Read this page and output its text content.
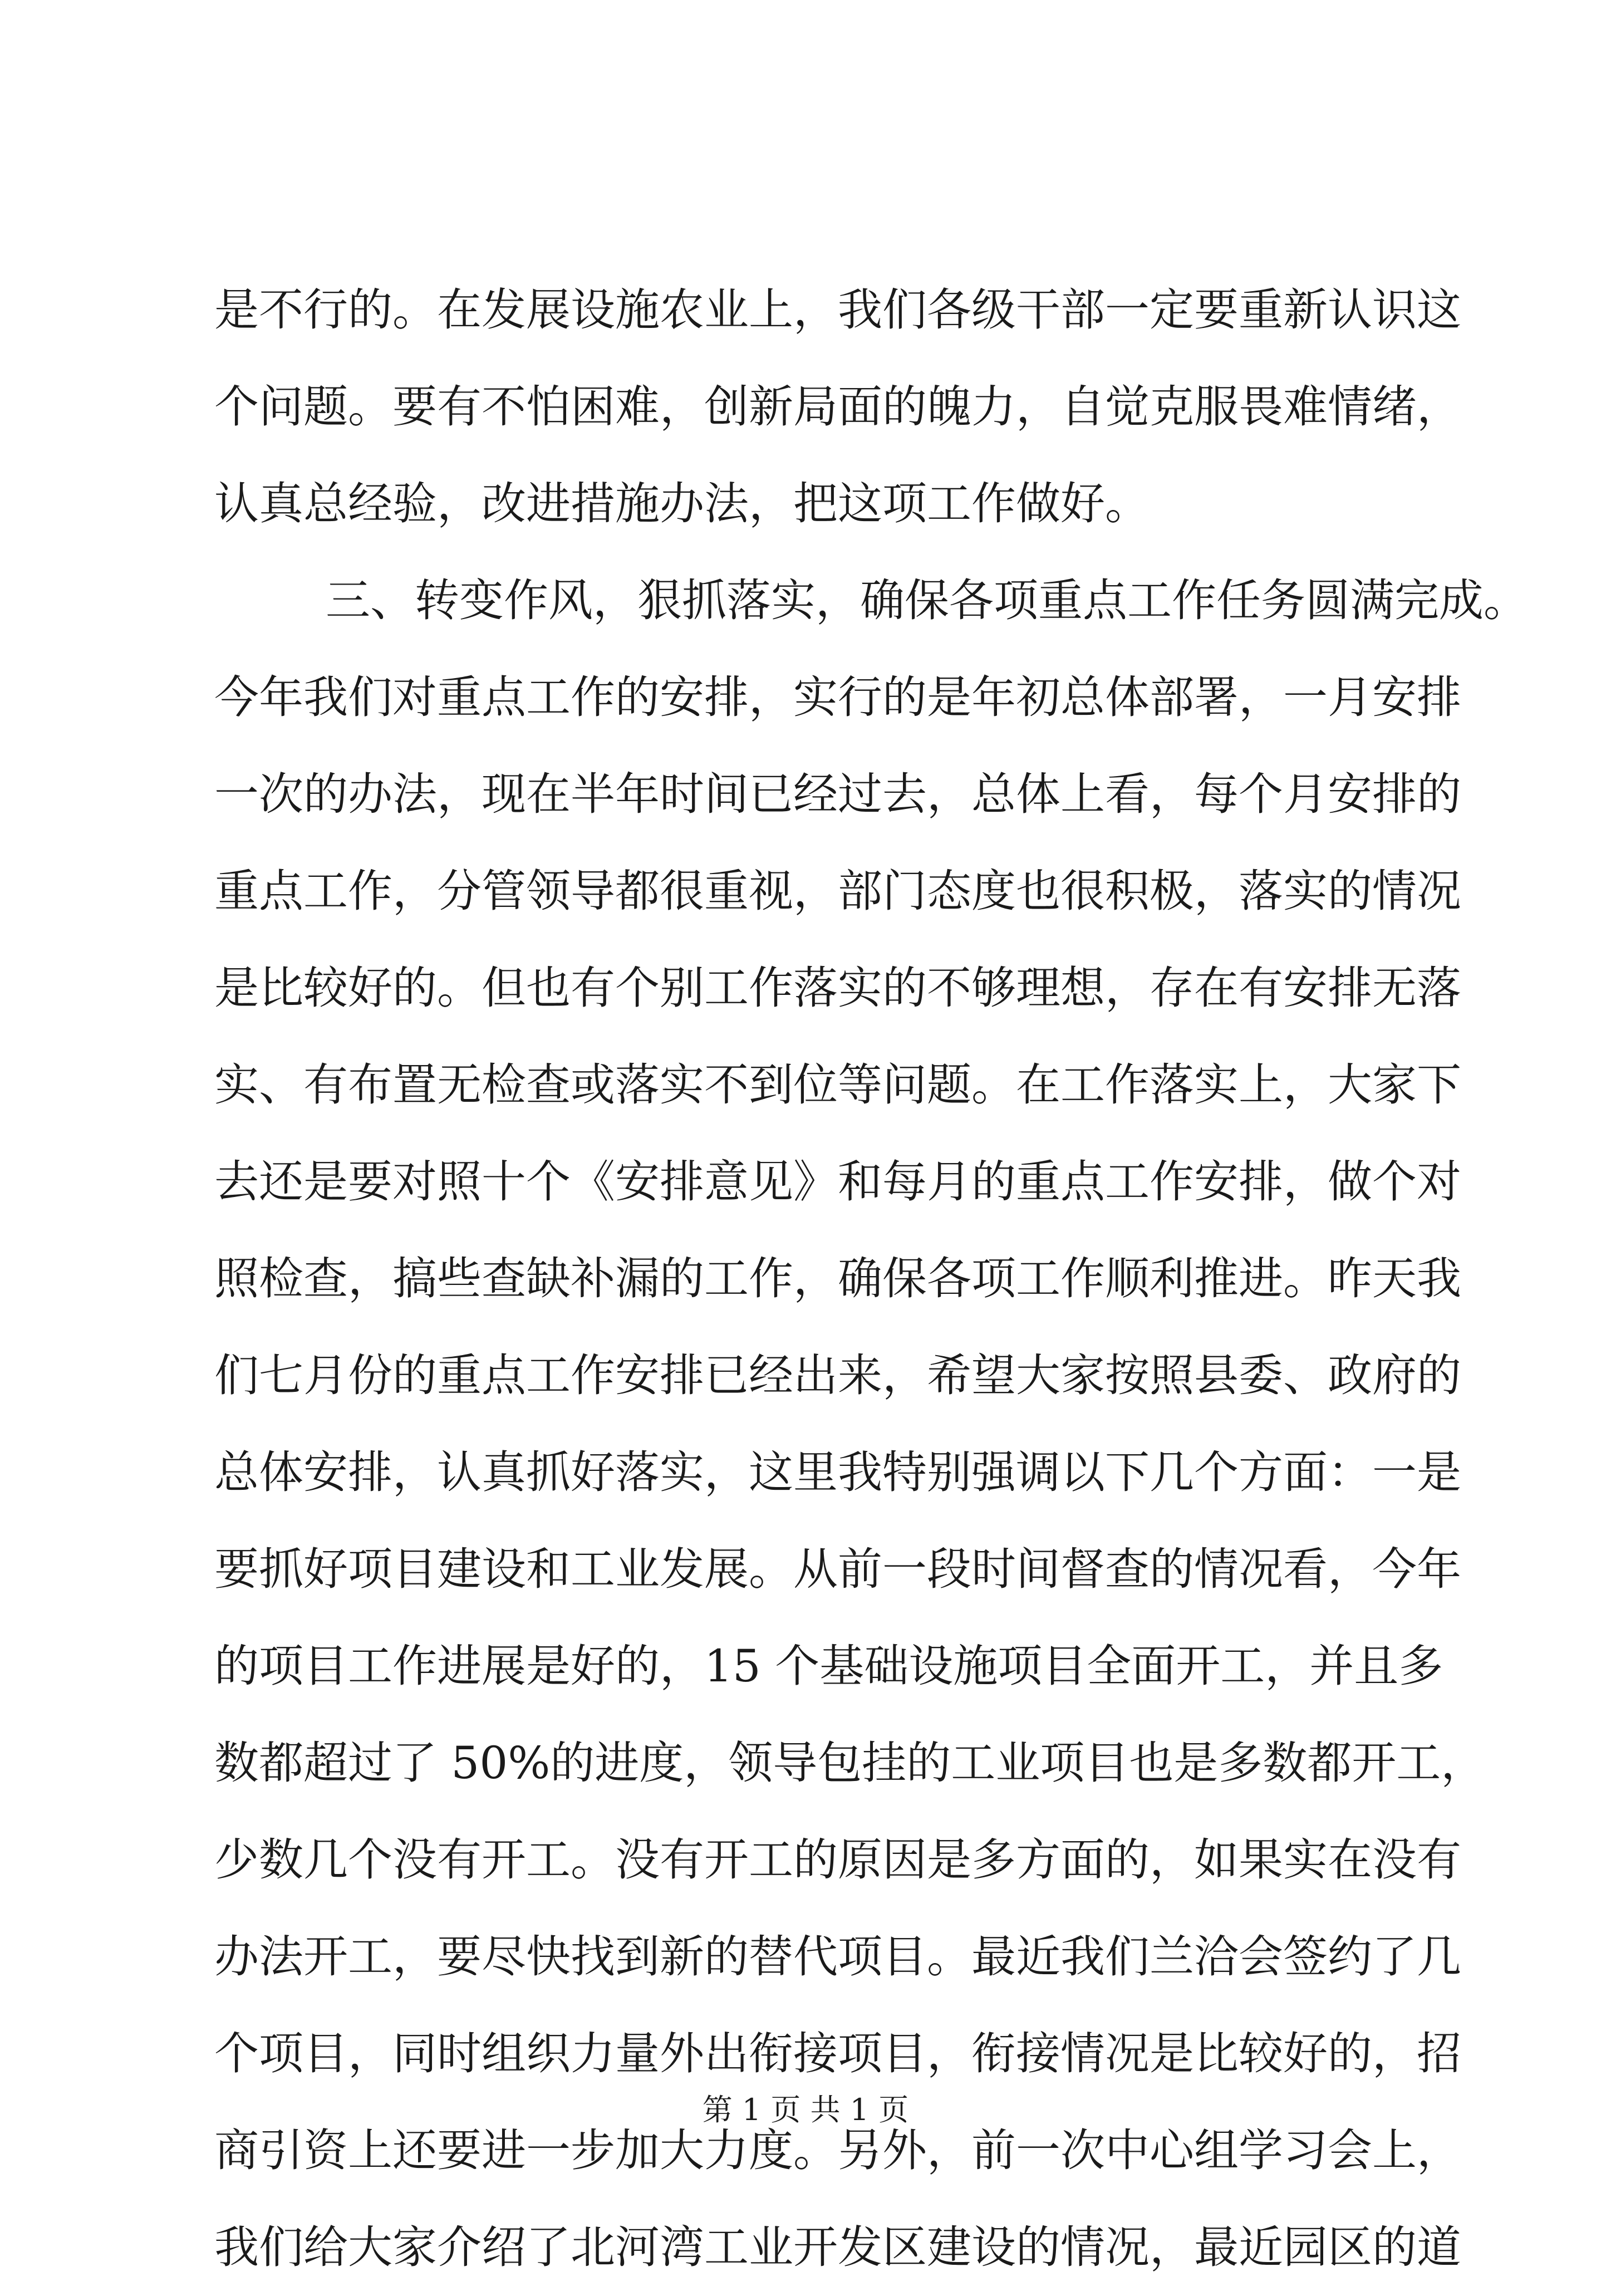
是不行的。在发展设施农业上，我们各级干部一定要重新认识这
个问题。要有不怕困难，创新局面的魄力，自觉克服畏难情绪，
认真总经验，改进措施办法，把这项工作做好。
三、转变作风，狠抓落实，确保各项重点工作任务圆满完成。
今年我们对重点工作的安排，实行的是年初总体部署，一月安排
一次的办法，现在半年时间已经过去，总体上看，每个月安排的
重点工作，分管领导都很重视，部门态度也很积极，落实的情况
是比较好的。但也有个别工作落实的不够理想，存在有安排无落
实、有布置无检查或落实不到位等问题。在工作落实上，大家下
去还是要对照十个《安排意见》和每月的重点工作安排，做个对
照检查，搞些查缺补漏的工作，确保各项工作顺利推进。昨天我
们七月份的重点工作安排已经出来，希望大家按照县委、政府的
总体安排，认真抓好落实，这里我特别强调以下几个方面：一是
要抓好项目建设和工业发展。从前一段时间督查的情况看，今年
的项目工作进展是好的，15 个基础设施项目全面开工，并且多
数都超过了 50%的进度，领导包挂的工业项目也是多数都开工，
少数几个没有开工。没有开工的原因是多方面的，如果实在没有
办法开工，要尽快找到新的替代项目。最近我们兰洽会签约了几
个项目，同时组织力量外出衔接项目，衔接情况是比较好的，招
商引资上还要进一步加大力度。另外，前一次中心组学习会上，
我们给大家介绍了北河湾工业开发区建设的情况，最近园区的道
第 1 页 共 1 页
